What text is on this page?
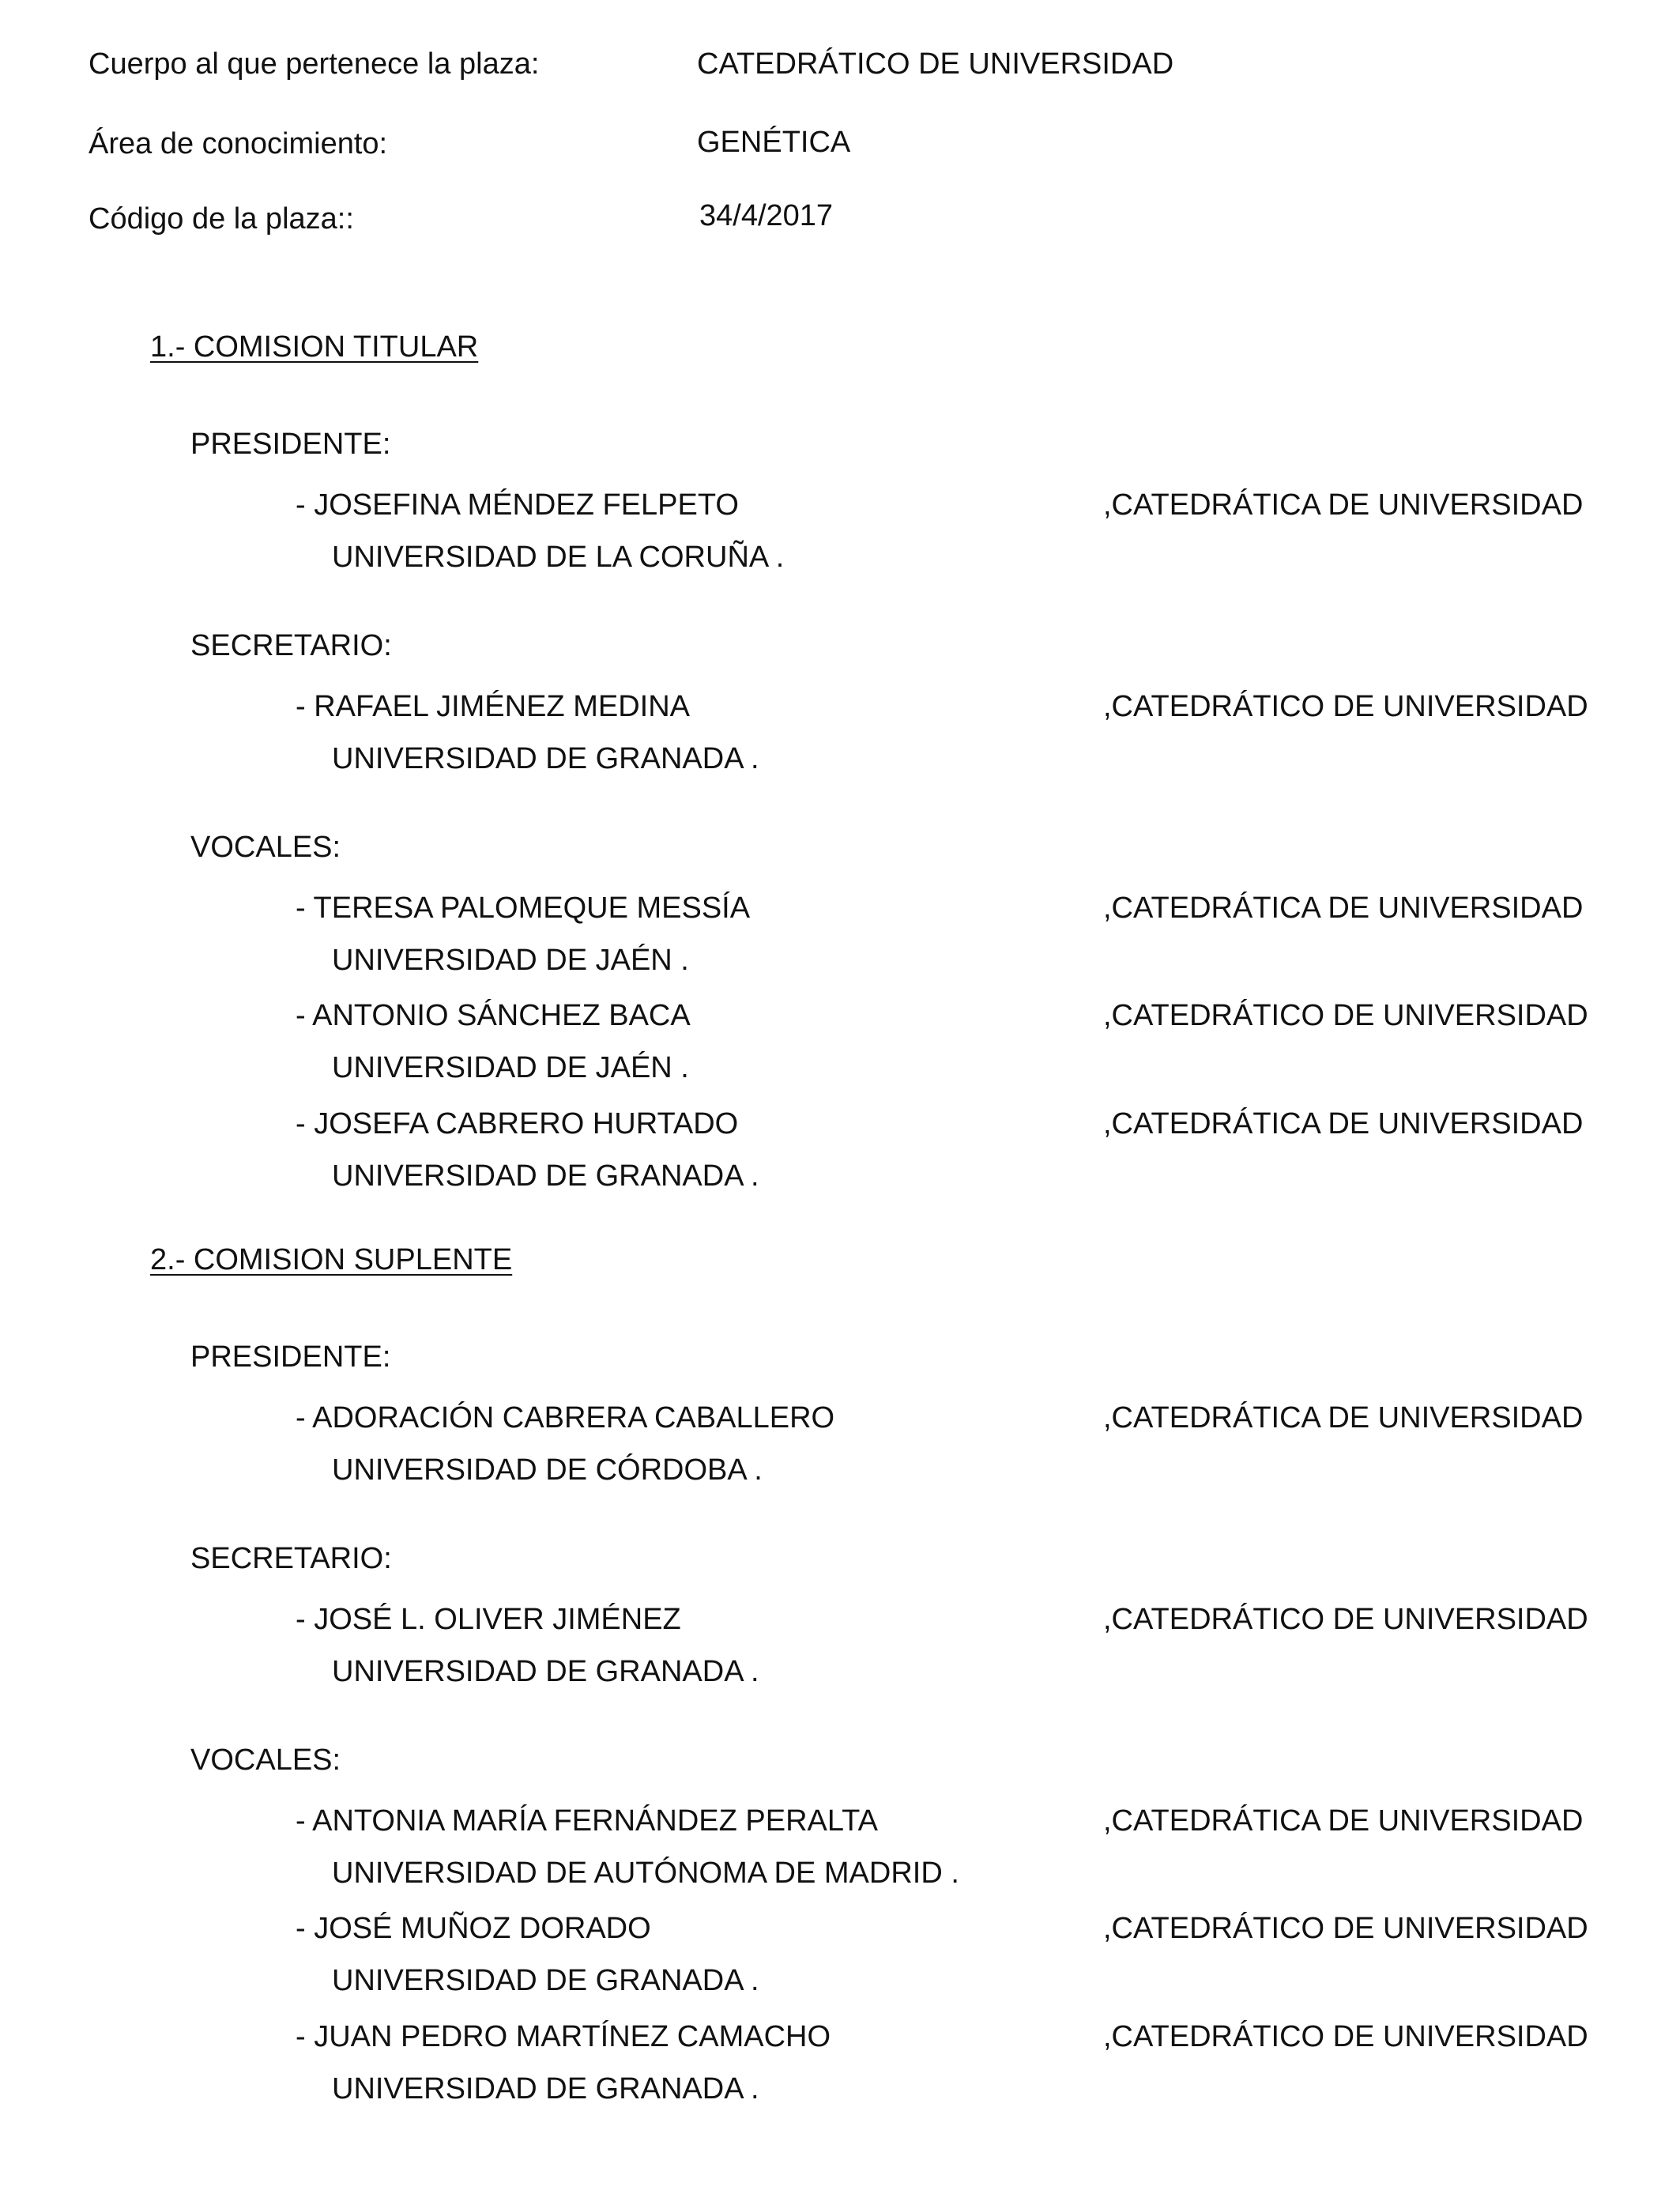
Cuerpo al que pertenece la plaza:	CATEDRÁTICO DE UNIVERSIDAD
Área de conocimiento:	GENÉTICA
Código de la plaza::	34/4/2017
1.- COMISION TITULAR
PRESIDENTE:
- JOSEFINA MÉNDEZ FELPETO	,CATEDRÁTICA DE UNIVERSIDAD
UNIVERSIDAD DE LA CORUÑA .
SECRETARIO:
- RAFAEL JIMÉNEZ MEDINA	,CATEDRÁTICO DE UNIVERSIDAD
UNIVERSIDAD DE GRANADA .
VOCALES:
- TERESA PALOMEQUE MESSÍA	,CATEDRÁTICA DE UNIVERSIDAD
UNIVERSIDAD DE JAÉN .
- ANTONIO SÁNCHEZ BACA	,CATEDRÁTICO DE UNIVERSIDAD
UNIVERSIDAD DE JAÉN .
- JOSEFA CABRERO HURTADO	,CATEDRÁTICA DE UNIVERSIDAD
UNIVERSIDAD DE GRANADA .
2.- COMISION SUPLENTE
PRESIDENTE:
- ADORACIÓN CABRERA CABALLERO	,CATEDRÁTICA DE UNIVERSIDAD
UNIVERSIDAD DE CÓRDOBA .
SECRETARIO:
- JOSÉ L. OLIVER JIMÉNEZ	,CATEDRÁTICO DE UNIVERSIDAD
UNIVERSIDAD DE GRANADA .
VOCALES:
- ANTONIA MARÍA FERNÁNDEZ PERALTA	,CATEDRÁTICA DE UNIVERSIDAD
UNIVERSIDAD DE AUTÓNOMA DE MADRID .
- JOSÉ MUÑOZ DORADO	,CATEDRÁTICO DE UNIVERSIDAD
UNIVERSIDAD DE GRANADA .
- JUAN PEDRO MARTÍNEZ CAMACHO	,CATEDRÁTICO DE UNIVERSIDAD
UNIVERSIDAD DE GRANADA .
